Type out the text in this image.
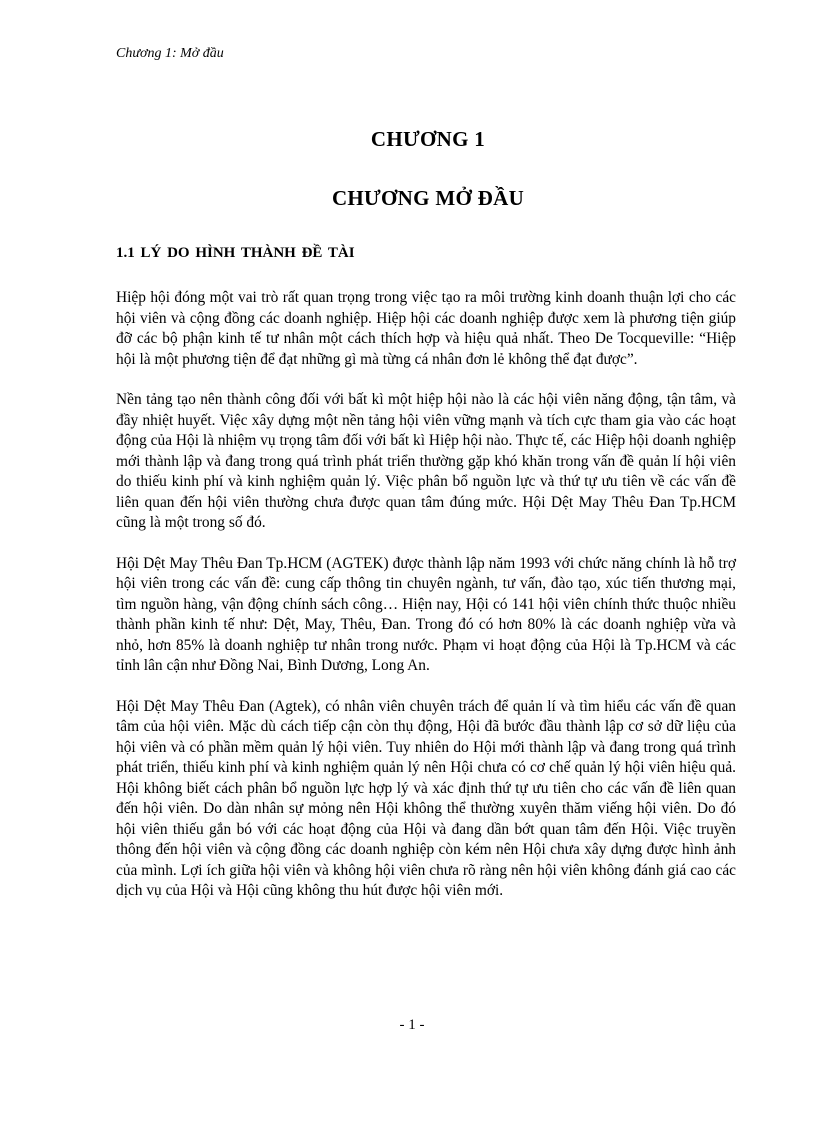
Chương 1: Mở đầu
CHƯƠNG 1
CHƯƠNG MỞ ĐẦU
1.1 LÝ DO HÌNH THÀNH ĐỀ TÀI

Hiệp hội đóng một vai trò rất quan trọng trong việc tạo ra môi trường kinh doanh thuận lợi cho các hội viên và cộng đồng các doanh nghiệp. Hiệp hội các doanh nghiệp được xem là phương tiện giúp đỡ các bộ phận kinh tế tư nhân một cách thích hợp và hiệu quả nhất. Theo De Tocqueville: “Hiệp hội là một phương tiện để đạt những gì mà từng cá nhân đơn lẻ không thể đạt được”.

Nền tảng tạo nên thành công đối với bất kì một hiệp hội nào là các hội viên năng động, tận tâm, và đầy nhiệt huyết. Việc xây dựng một nền tảng hội viên vững mạnh và tích cực tham gia vào các hoạt động của Hội là nhiệm vụ trọng tâm đối với bất kì Hiệp hội nào. Thực tế, các Hiệp hội doanh nghiệp mới thành lập và đang trong quá trình phát triển thường gặp khó khăn trong vấn đề quản lí hội viên do thiếu kinh phí và kinh nghiệm quản lý. Việc phân bổ nguồn lực và thứ tự ưu tiên về các vấn đề liên quan đến hội viên thường chưa được quan tâm đúng mức. Hội Dệt May Thêu Đan Tp.HCM cũng là một trong số đó.

Hội Dệt May Thêu Đan Tp.HCM (AGTEK) được thành lập năm 1993 với chức năng chính là hỗ trợ hội viên trong các vấn đề: cung cấp thông tin chuyên ngành, tư vấn, đào tạo, xúc tiến thương mại, tìm nguồn hàng, vận động chính sách công… Hiện nay, Hội có 141 hội viên chính thức thuộc nhiều thành phần kinh tế như: Dệt, May, Thêu, Đan. Trong đó có hơn 80% là các doanh nghiệp vừa và nhỏ, hơn 85% là doanh nghiệp tư nhân trong nước. Phạm vi hoạt động của Hội là Tp.HCM và các tỉnh lân cận như Đồng Nai, Bình Dương, Long An.

Hội Dệt May Thêu Đan (Agtek), có nhân viên chuyên trách để quản lí và tìm hiểu các vấn đề quan tâm của hội viên. Mặc dù cách tiếp cận còn thụ động, Hội đã bước đầu thành lập cơ sở dữ liệu của hội viên và có phần mềm quản lý hội viên. Tuy nhiên do Hội mới thành lập và đang trong quá trình phát triển, thiếu kinh phí và kinh nghiệm quản lý nên Hội chưa có cơ chế quản lý hội viên hiệu quả. Hội không biết cách phân bổ nguồn lực hợp lý và xác định thứ tự ưu tiên cho các vấn đề liên quan đến hội viên. Do dàn nhân sự mỏng nên Hội không thể thường xuyên thăm viếng hội viên. Do đó hội viên thiếu gắn bó với các hoạt động của Hội và đang dần bớt quan tâm đến Hội. Việc truyền thông đến hội viên và cộng đồng các doanh nghiệp còn kém nên Hội chưa xây dựng được hình ảnh của mình. Lợi ích giữa hội viên và không hội viên chưa rõ ràng nên hội viên không đánh giá cao các dịch vụ của Hội và Hội cũng không thu hút được hội viên mới.

- 1 -
